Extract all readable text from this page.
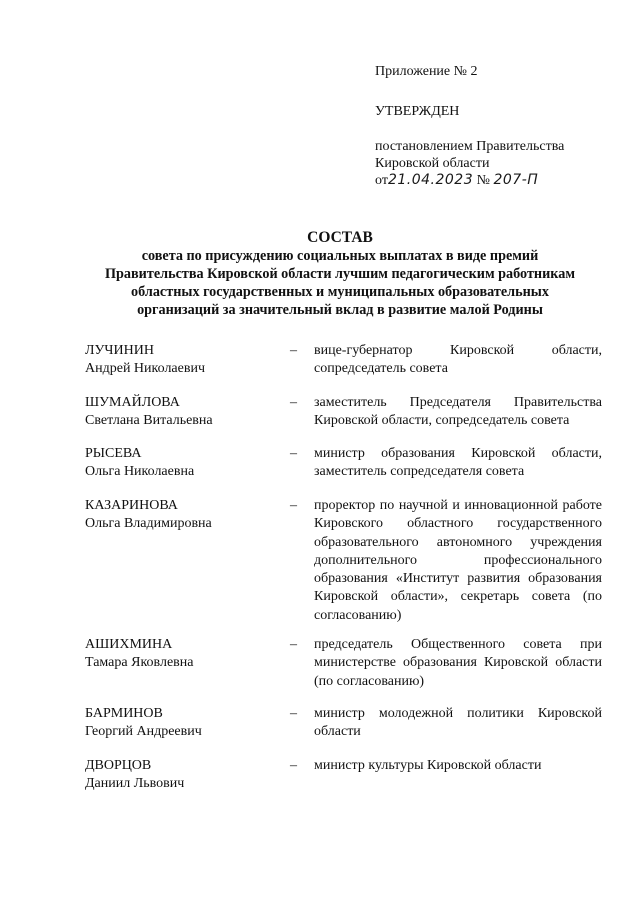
Приложение № 2
УТВЕРЖДЕН
постановлением Правительства
Кировской области
от21.04.2023 № 207-П
СОСТАВ
совета по присуждению социальных выплатах в виде премий
Правительства Кировской области лучшим педагогическим работникам
областных государственных и муниципальных образовательных
организаций за значительный вклад в развитие малой Родины
ЛУЧИНИН
Андрей Николаевич
– вице-губернатор Кировской области, сопредседатель совета
ШУМАЙЛОВА
Светлана Витальевна
– заместитель Председателя Правительства Кировской области, сопредседатель совета
РЫСЕВА
Ольга Николаевна
– министр образования Кировской области, заместитель сопредседателя совета
КАЗАРИНОВА
Ольга Владимировна
– проректор по научной и инновационной работе Кировского областного государственного образовательного автономного учреждения дополнительного профессионального образования «Институт развития образования Кировской области», секретарь совета (по согласованию)
АШИХМИНА
Тамара Яковлевна
– председатель Общественного совета при министерстве образования Кировской области (по согласованию)
БАРМИНОВ
Георгий Андреевич
– министр молодежной политики Кировской области
ДВОРЦОВ
Даниил Львович
– министр культуры Кировской области
